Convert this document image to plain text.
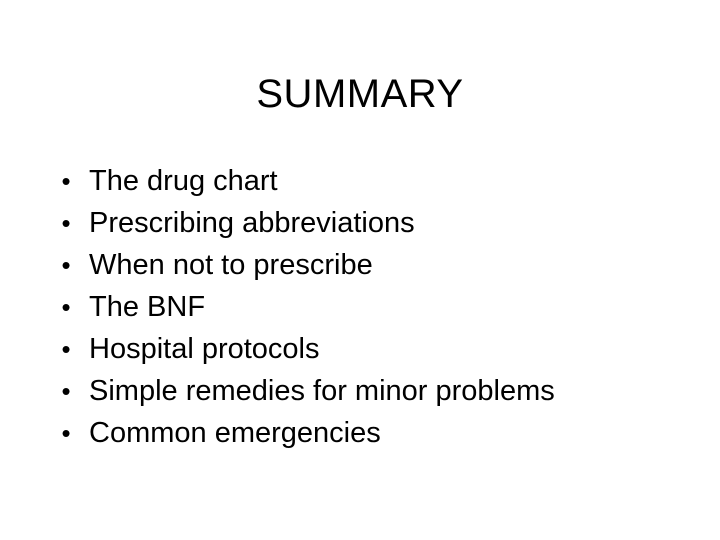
SUMMARY
• The drug chart
• Prescribing abbreviations
• When not to prescribe
• The BNF
• Hospital protocols
• Simple remedies for minor problems
• Common emergencies
